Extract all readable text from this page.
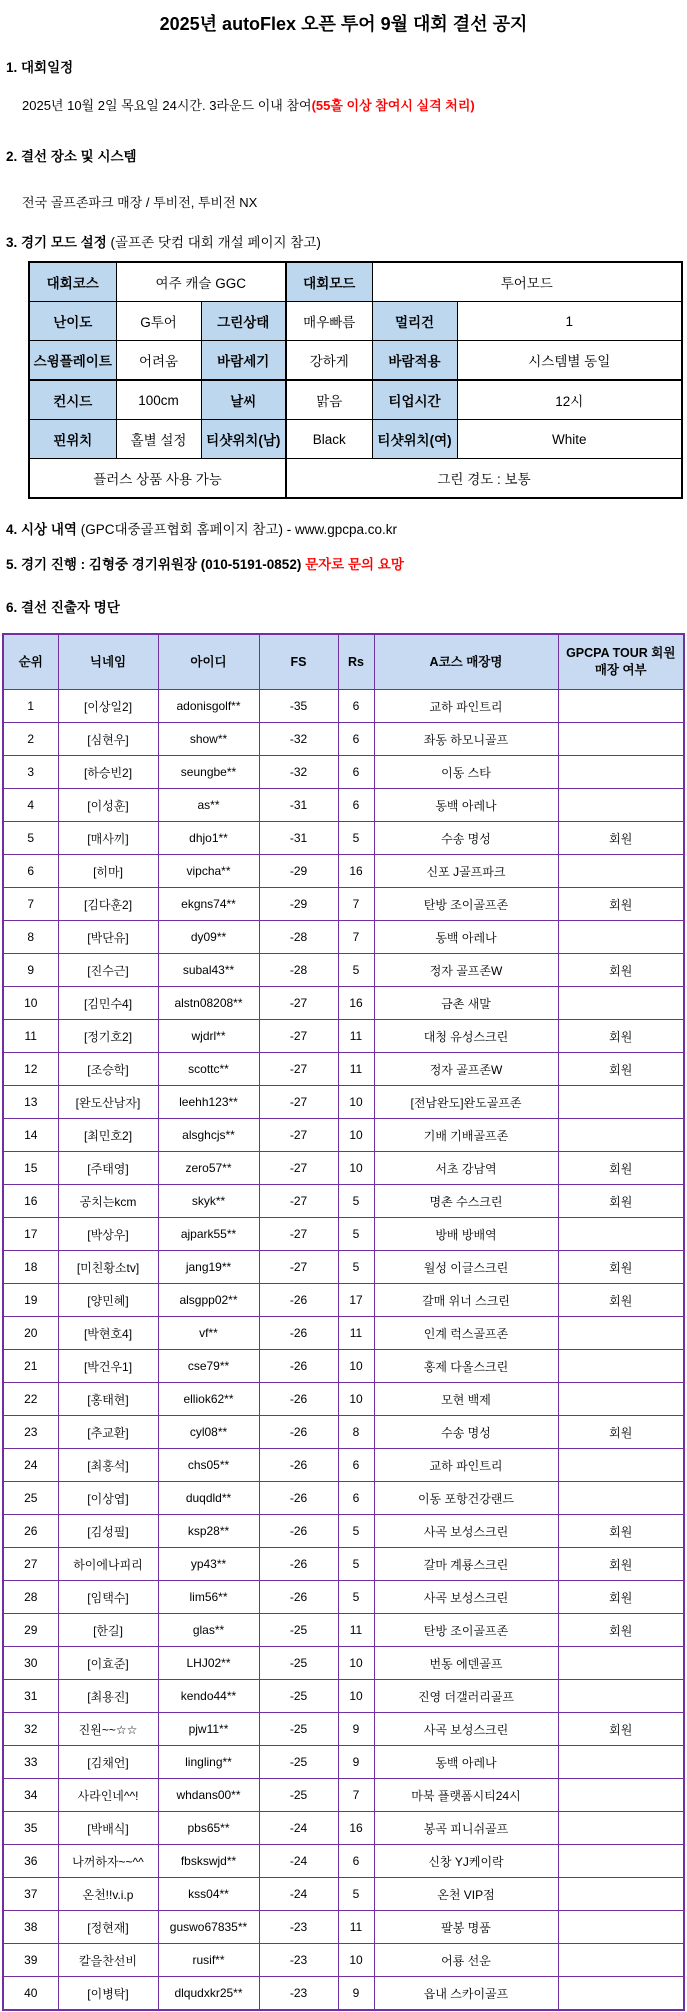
2025년 autoFlex 오픈 투어 9월 대회 결선 공지

1. 대회일정

2025년 10월 2일 목요일 24시간. 3라운드 이내 참여(55홀 이상 참여시 실격 처리)

2. 결선 장소 및 시스템

전국 골프존파크 매장 / 투비전, 투비전 NX

3. 경기 모드 설정 (골프존 닷컴 대회 개설 페이지 참고)

대회코스	여주 캐슬 GGC		대회모드	투어모드	
난이도	G투어	그린상태	매우빠름	멀리건	1
스윙플레이트	어려움	바람세기	강하게	바람적용	시스템별 동일
컨시드	100cm	날씨	맑음	티업시간	12시
핀위치	홀별 설정	티샷위치(남)	Black	티샷위치(여)	White
플러스 상품 사용 가능			그린 경도 : 보통		

4. 시상 내역 (GPC대중골프협회 홈페이지 참고) - www.gpcpa.co.kr

5. 경기 진행 : 김형중 경기위원장 (010-5191-0852) 문자로 문의 요망

6. 결선 진출자 명단

순위	닉네임	아이디	FS	Rs	A코스 매장명	GPCPA TOUR 회원 매장 여부
1	[이상일2]	adonisgolf**	-35	6	교하 파인트리	
2	[심현우]	show**	-32	6	좌동 하모니골프	
3	[하승빈2]	seungbe**	-32	6	이동 스타	
4	[이성훈]	as**	-31	6	동백 아레나	
5	[매사끼]	dhjo1**	-31	5	수송 명성	회원
6	[히마]	vipcha**	-29	16	신포 J골프파크	
7	[김다훈2]	ekgns74**	-29	7	탄방 조이골프존	회원
8	[박단유]	dy09**	-28	7	동백 아레나	
9	[진수근]	subal43**	-28	5	정자 골프존W	회원
10	[김민수4]	alstn08208**	-27	16	금촌 새말	
11	[정기호2]	wjdrl**	-27	11	대청 유성스크린	회원
12	[조승학]	scottc**	-27	11	정자 골프존W	회원
13	[완도산남자]	leehh123**	-27	10	[전남완도]완도골프존	
14	[최민호2]	alsghcjs**	-27	10	기배 기배골프존	
15	[주태영]	zero57**	-27	10	서초 강남역	회원
16	공치는kcm	skyk**	-27	5	명촌 수스크린	회원
17	[박상우]	ajpark55**	-27	5	방배 방배역	
18	[미친황소tv]	jang19**	-27	5	월성 이글스크린	회원
19	[양민혜]	alsgpp02**	-26	17	갈매 위너 스크린	회원
20	[박현호4]	vf**	-26	11	인계 럭스골프존	
21	[박건우1]	cse79**	-26	10	홍제 다올스크린	
22	[홍태현]	elliok62**	-26	10	모현 백제	
23	[추교환]	cyl08**	-26	8	수송 명성	회원
24	[최홍석]	chs05**	-26	6	교하 파인트리	
25	[이상엽]	duqdld**	-26	6	이동 포항건강랜드	
26	[김성필]	ksp28**	-26	5	사곡 보성스크린	회원
27	하이에나피리	yp43**	-26	5	갈마 계룡스크린	회원
28	[임택수]	lim56**	-26	5	사곡 보성스크린	회원
29	[한길]	glas**	-25	11	탄방 조이골프존	회원
30	[이효준]	LHJ02**	-25	10	번동 에덴골프	
31	[최용진]	kendo44**	-25	10	진영 더갤러리골프	
32	진원~~☆☆	pjw11**	-25	9	사곡 보성스크린	회원
33	[김채언]	lingling**	-25	9	동백 아레나	
34	사라인네^^!	whdans00**	-25	7	마북 플랫폼시티24시	
35	[박배식]	pbs65**	-24	16	봉곡 피니쉬골프	
36	나꺼하자~~^^	fbskswjd**	-24	6	신창 YJ케이락	
37	온천!!v.i.p	kss04**	-24	5	온천 VIP점	
38	[정현재]	guswo67835**	-23	11	팔봉 명품	
39	칼을찬선비	rusif**	-23	10	어룡 선운	
40	[이병탁]	dlqudxkr25**	-23	9	읍내 스카이골프	
